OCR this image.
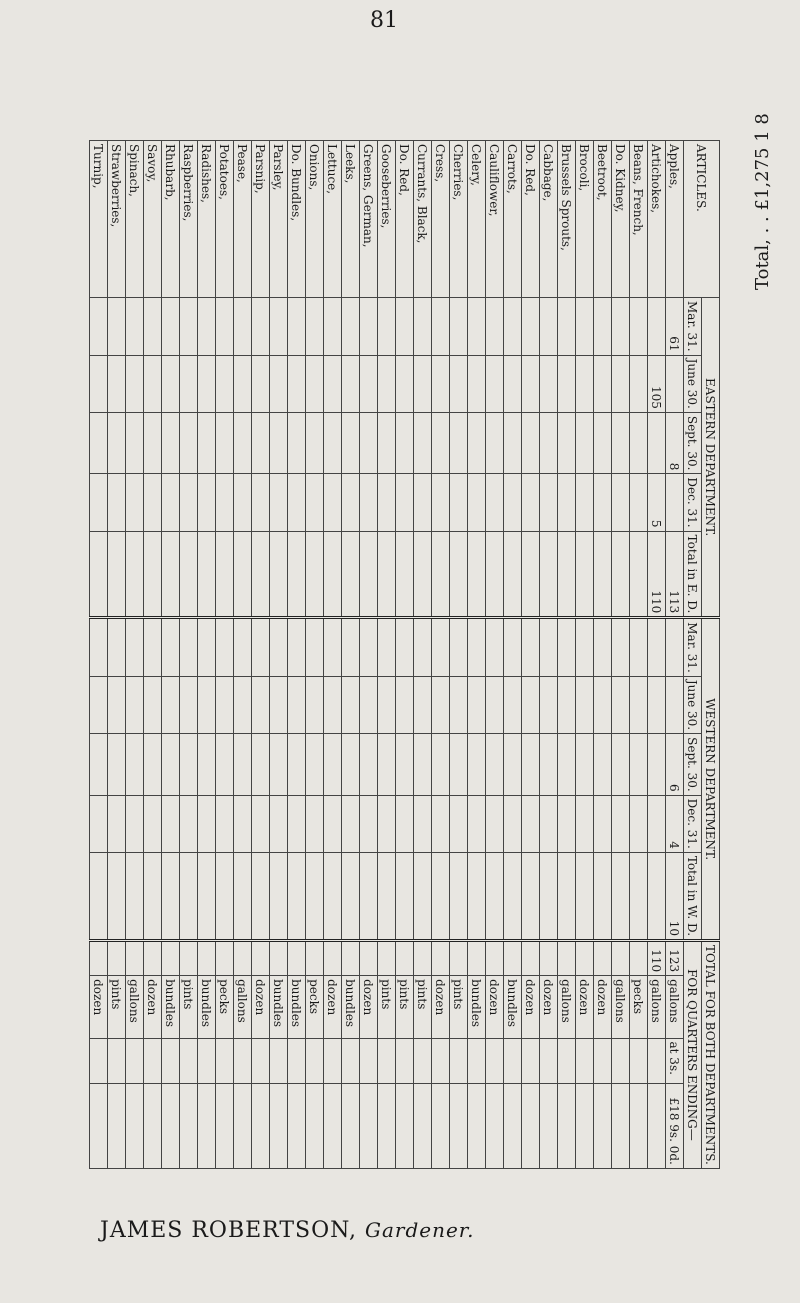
81
ARTICLES.	EASTERN DEPARTMENT.					WESTERN DEPARTMENT.					TOTAL FOR BOTH DEPARTMENTS.			
	Mar. 31.	June 30.	Sept. 30.	Dec. 31.	Total in E. D.	Mar. 31.	June 30.	Sept. 30.	Dec. 31.	Total in W. D.	FOR QUARTERS ENDING—			
Apples,	61		8		113			6	4	10	123	gallons	at 3s.	£18 9s. 0d.
Artichokes,		105		5	110						110	gallons		
Beans, French,												pecks		
Do. Kidney,												gallons		
Beetroot,												dozen		
Brocoli,												dozen		
Brussels Sprouts,												gallons		
Cabbage,												dozen		
Do. Red,												dozen		
Carrots,												bundles		
Cauliflower,												dozen		
Celery,												bundles		
Cherries,												pints		
Cress,												dozen		
Currants, Black,												pints		
Do. Red,												pints		
Gooseberries,												pints		
Greens, German,												dozen		
Leeks,												bundles		
Lettuce,												dozen		
Onions,												pecks		
Do. Bundles,												bundles		
Parsley,												bundles		
Parsnip,												dozen		
Pease,												gallons		
Potatoes,												pecks		
Radishes,												bundles		
Raspberries,												pints		
Rhubarb,												bundles		
Savoy,												dozen		
Spinach,												gallons		
Strawberries,												pints		
Turnip,												dozen		
Total, . . £1,275 1 8
JAMES ROBERTSON, Gardener.
